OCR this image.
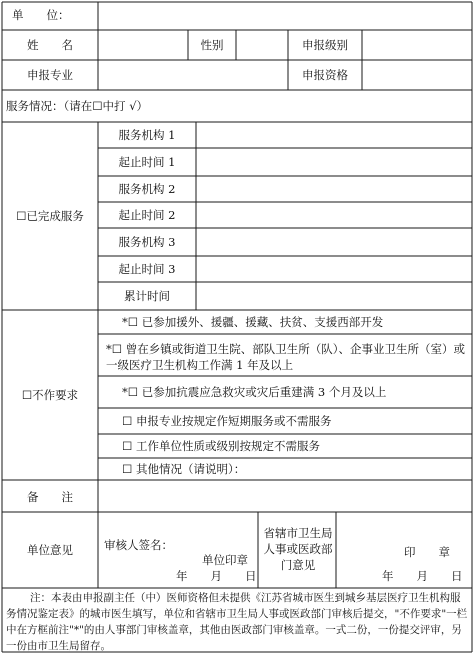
单　　位：
姓　　名	性别	申报级别
申报专业	申报资格
服务情况：（请在☐中打 √）
☐已完成服务
服务机构 1
起止时间 1
服务机构 2
起止时间 2
服务机构 3
起止时间 3
累计时间
☐不作要求
*☐ 已参加援外、援疆、援藏、扶贫、支援西部开发
*☐ 曾在乡镇或街道卫生院、部队卫生所（队）、企事业卫生所（室）或一级医疗卫生机构工作满 1 年及以上
*☐ 已参加抗震应急救灾或灾后重建满 3 个月及以上
☐ 申报专业按规定作短期服务或不需服务
☐ 工作单位性质或级别按规定不需服务
☐ 其他情况（请说明）：
备　　注
单位意见	审核人签名：
单位印章
年　　月　　日
省辖市卫生局人事或医政部门意见
印　　章
年　　月　　日
注：本表由申报副主任（中）医师资格但未提供《江苏省城市医生到城乡基层医疗卫生机构服务情况鉴定表》的城市医生填写，单位和省辖市卫生局人事或医政部门审核后提交，"不作要求"一栏中在方框前注"*"的由人事部门审核盖章，其他由医政部门审核盖章。一式二份，一份提交评审，另一份由市卫生局留存。
